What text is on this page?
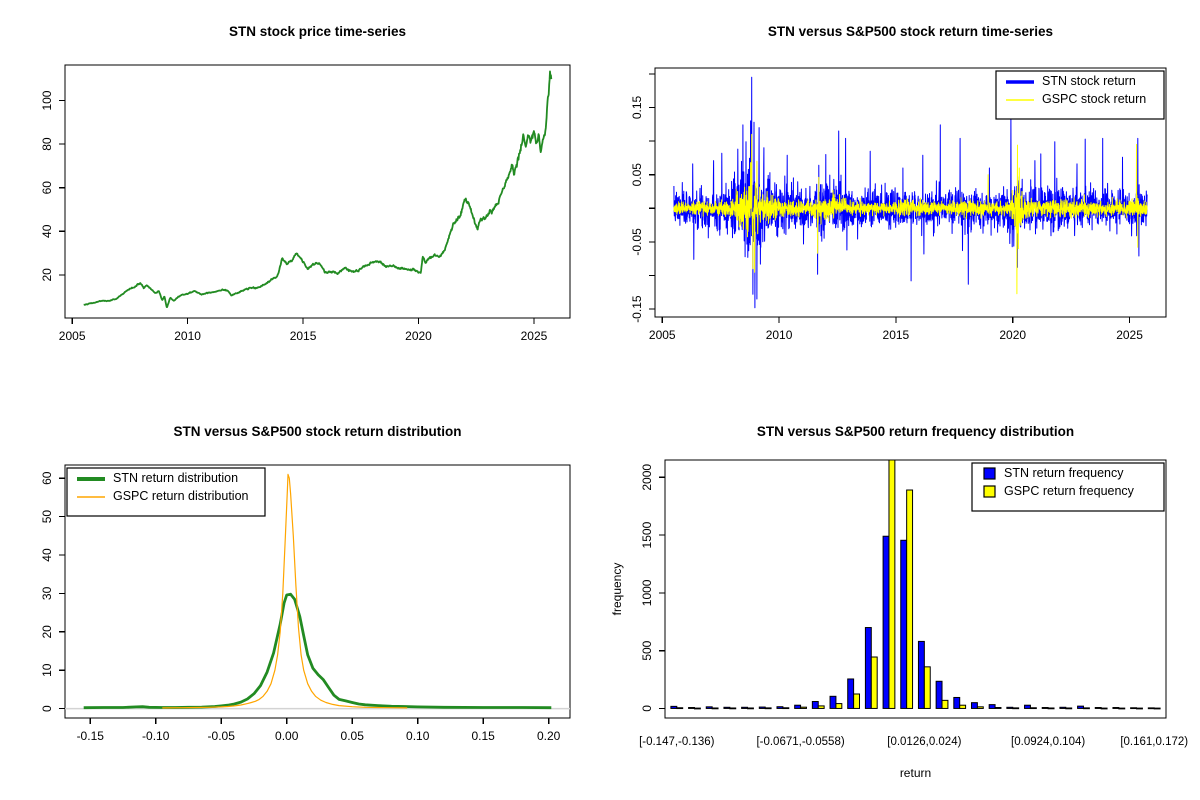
STN stock price time-series
2005	2010	2015	2020	2025
20
40
60
80
100
STN versus S&P500 stock return time-series
2005	2010	2015	2020	2025
-0.15
-0.05
0.05
0.15
STN stock return
GSPC stock return
STN versus S&P500 stock return distribution
-0.15	-0.10	-0.05	0.00	0.05	0.10	0.15	0.20
0
10
20
30
40
50
60	STN return distribution
GSPC return distribution
STN versus S&P500 return frequency distribution
0
500
1000
1500
2000
frequency
return
[-0.147,-0.136)	[-0.0671,-0.0558)	[0.0126,0.024)	[0.0924,0.104)	[0.161,0.172)
STN return frequency
GSPC return frequency
